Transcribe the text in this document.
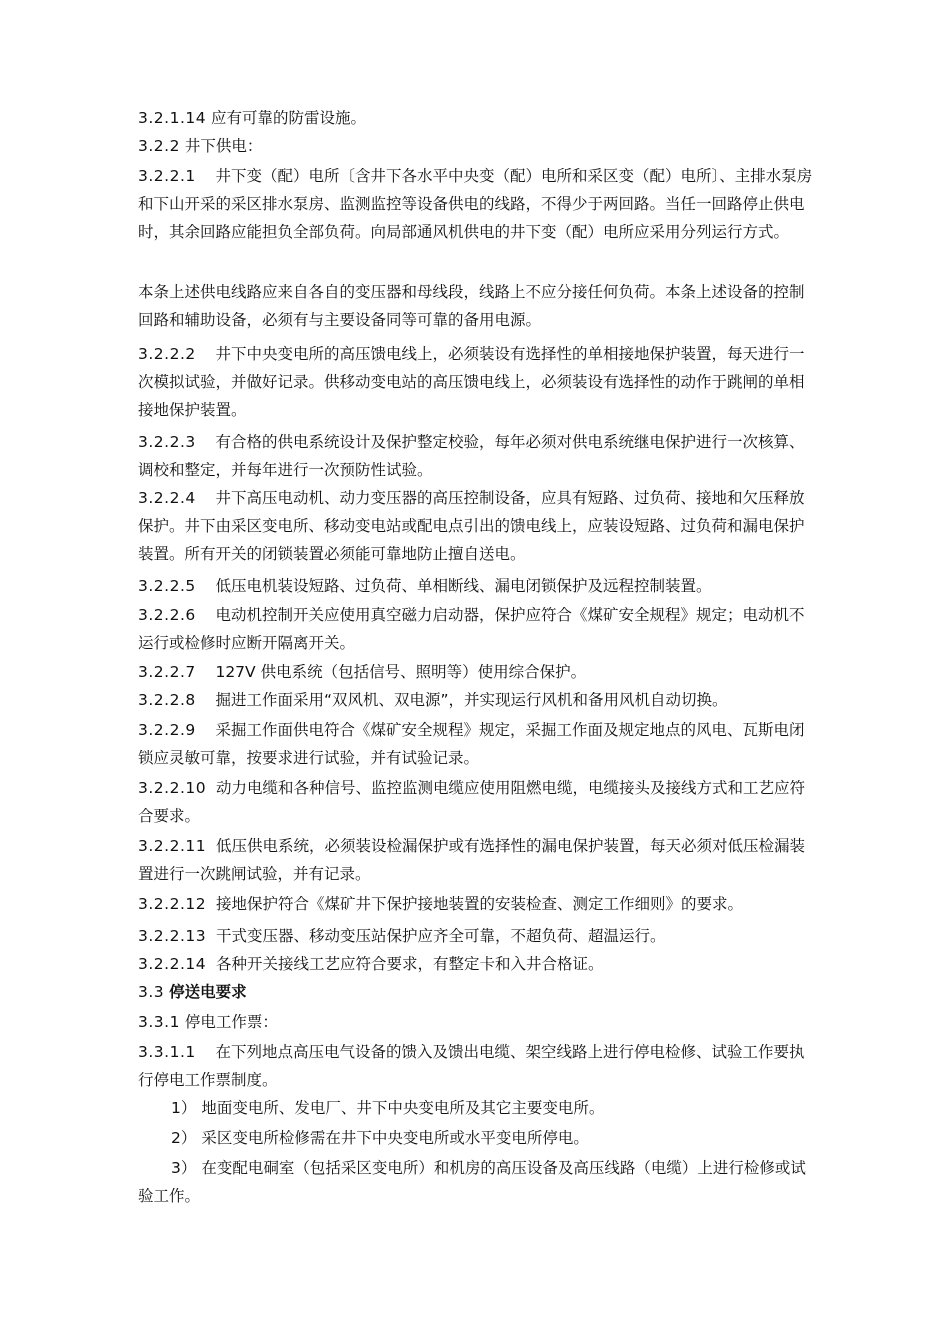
3.2.1.14 应有可靠的防雷设施。

3.2.2 井下供电：

3.2.2.1 井下变（配）电所〔含井下各水平中央变（配）电所和采区变（配）电所〕、主排水泵房和下山开采的采区排水泵房、监测监控等设备供电的线路，不得少于两回路。当任一回路停止供电时，其余回路应能担负全部负荷。向局部通风机供电的井下变（配）电所应采用分列运行方式。

本条上述供电线路应来自各自的变压器和母线段，线路上不应分接任何负荷。本条上述设备的控制回路和辅助设备，必须有与主要设备同等可靠的备用电源。

3.2.2.2 井下中央变电所的高压馈电线上，必须装设有选择性的单相接地保护装置，每天进行一次模拟试验，并做好记录。供移动变电站的高压馈电线上，必须装设有选择性的动作于跳闸的单相接地保护装置。

3.2.2.3 有合格的供电系统设计及保护整定校验，每年必须对供电系统继电保护进行一次核算、调校和整定，并每年进行一次预防性试验。

3.2.2.4 井下高压电动机、动力变压器的高压控制设备，应具有短路、过负荷、接地和欠压释放保护。井下由采区变电所、移动变电站或配电点引出的馈电线上，应装设短路、过负荷和漏电保护装置。所有开关的闭锁装置必须能可靠地防止擅自送电。

3.2.2.5 低压电机装设短路、过负荷、单相断线、漏电闭锁保护及远程控制装置。

3.2.2.6 电动机控制开关应使用真空磁力启动器，保护应符合《煤矿安全规程》规定；电动机不运行或检修时应断开隔离开关。

3.2.2.7 127V 供电系统（包括信号、照明等）使用综合保护。

3.2.2.8 掘进工作面采用“双风机、双电源”，并实现运行风机和备用风机自动切换。

3.2.2.9 采掘工作面供电符合《煤矿安全规程》规定，采掘工作面及规定地点的风电、瓦斯电闭锁应灵敏可靠，按要求进行试验，并有试验记录。

3.2.2.10 动力电缆和各种信号、监控监测电缆应使用阻燃电缆，电缆接头及接线方式和工艺应符合要求。

3.2.2.11 低压供电系统，必须装设检漏保护或有选择性的漏电保护装置，每天必须对低压检漏装置进行一次跳闸试验，并有记录。

3.2.2.12 接地保护符合《煤矿井下保护接地装置的安装检查、测定工作细则》的要求。

3.2.2.13 干式变压器、移动变压站保护应齐全可靠，不超负荷、超温运行。

3.2.2.14 各种开关接线工艺应符合要求，有整定卡和入井合格证。

3.3 停送电要求

3.3.1 停电工作票：

3.3.1.1 在下列地点高压电气设备的馈入及馈出电缆、架空线路上进行停电检修、试验工作要执行停电工作票制度。

1） 地面变电所、发电厂、井下中央变电所及其它主要变电所。

2） 采区变电所检修需在井下中央变电所或水平变电所停电。

3） 在变配电硐室（包括采区变电所）和机房的高压设备及高压线路（电缆）上进行检修或试验工作。
